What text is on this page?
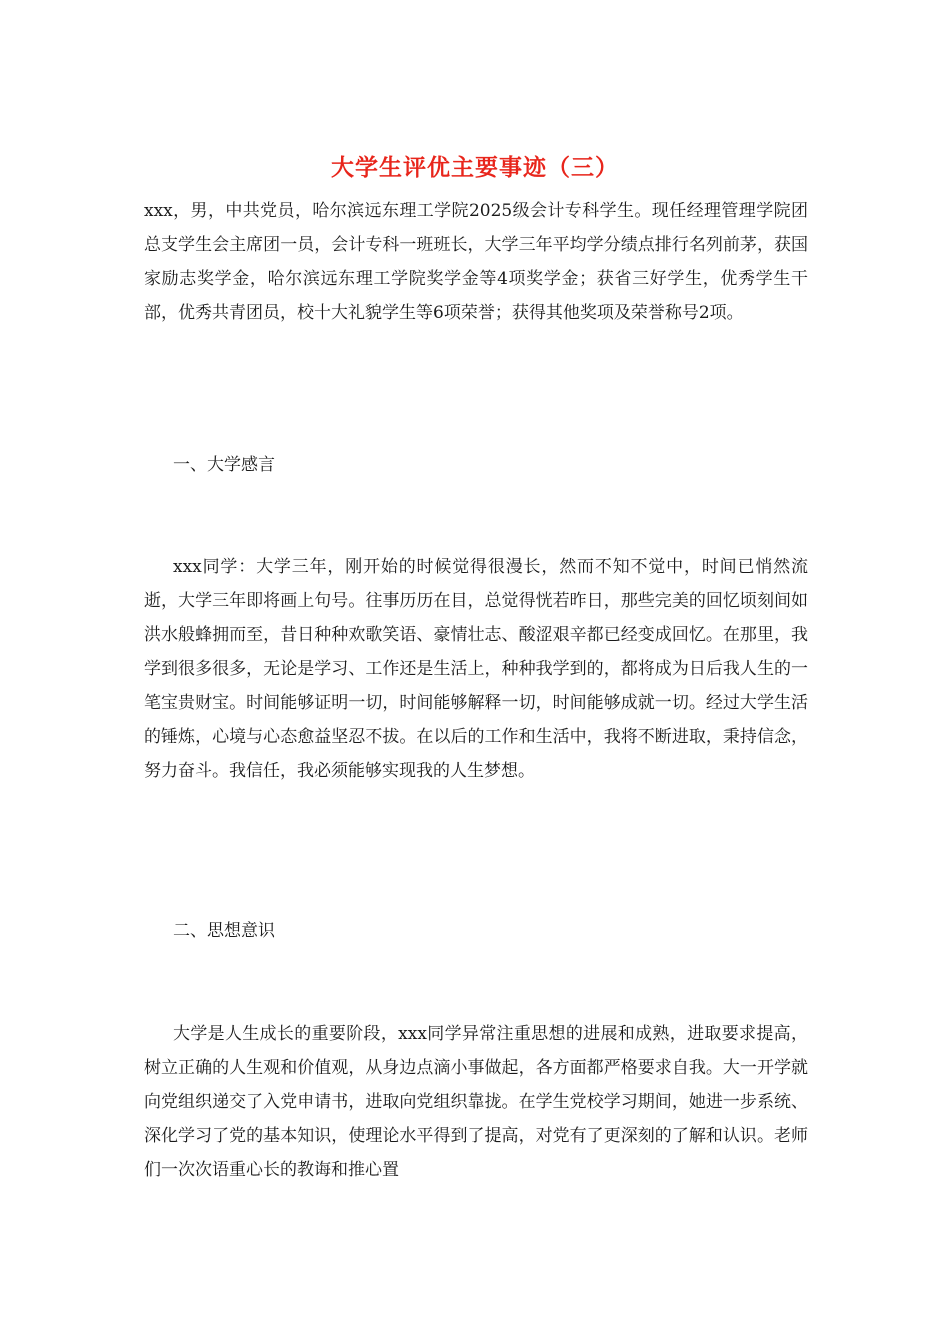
大学生评优主要事迹（三）

xxx，男，中共党员，哈尔滨远东理工学院2025级会计专科学生。现任经理管理学院团总支学生会主席团一员，会计专科一班班长，大学三年平均学分绩点排行名列前茅，获国家励志奖学金，哈尔滨远东理工学院奖学金等4项奖学金；获省三好学生，优秀学生干部，优秀共青团员，校十大礼貌学生等6项荣誉；获得其他奖项及荣誉称号2项。

一、大学感言

xxx同学：大学三年，刚开始的时候觉得很漫长，然而不知不觉中，时间已悄然流逝，大学三年即将画上句号。往事历历在目，总觉得恍若昨日，那些完美的回忆顷刻间如洪水般蜂拥而至，昔日种种欢歌笑语、豪情壮志、酸涩艰辛都已经变成回忆。在那里，我学到很多很多，无论是学习、工作还是生活上，种种我学到的，都将成为日后我人生的一笔宝贵财宝。时间能够证明一切，时间能够解释一切，时间能够成就一切。经过大学生活的锤炼，心境与心态愈益坚忍不拔。在以后的工作和生活中，我将不断进取，秉持信念，努力奋斗。我信任，我必须能够实现我的人生梦想。

二、思想意识

大学是人生成长的重要阶段，xxx同学异常注重思想的进展和成熟，进取要求提高，树立正确的人生观和价值观，从身边点滴小事做起，各方面都严格要求自我。大一开学就向党组织递交了入党申请书，进取向党组织靠拢。在学生党校学习期间，她进一步系统、深化学习了党的基本知识，使理论水平得到了提高，对党有了更深刻的了解和认识。老师们一次次语重心长的教诲和推心置
